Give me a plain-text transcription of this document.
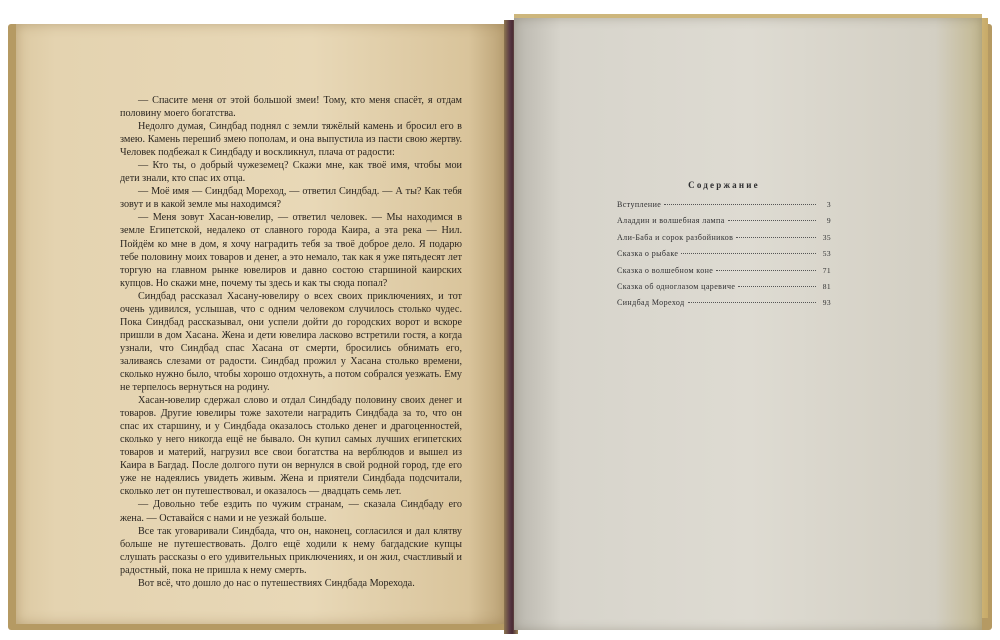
— Спасите меня от этой большой змеи! Тому, кто меня спасёт, я отдам половину моего богатства.

Недолго думая, Синдбад поднял с земли тяжёлый камень и бросил его в змею. Камень перешиб змею пополам, и она выпустила из пасти свою жертву. Человек подбежал к Синдбаду и воскликнул, плача от радости:

— Кто ты, о добрый чужеземец? Скажи мне, как твоё имя, чтобы мои дети знали, кто спас их отца.

— Моё имя — Синдбад Мореход, — ответил Синдбад. — А ты? Как тебя зовут и в какой земле мы находимся?

— Меня зовут Хасан-ювелир, — ответил человек. — Мы находимся в земле Египетской, недалеко от славного города Каира, а эта река — Нил. Пойдём ко мне в дом, я хочу наградить тебя за твоё доброе дело. Я подарю тебе половину моих товаров и денег, а это немало, так как я уже пятьдесят лет торгую на главном рынке ювелиров и давно состою старшиной каирских купцов. Но скажи мне, почему ты здесь и как ты сюда попал?

Синдбад рассказал Хасану-ювелиру о всех своих приключениях, и тот очень удивился, услышав, что с одним человеком случилось столько чудес. Пока Синдбад рассказывал, они успели дойти до городских ворот и вскоре пришли в дом Хасана. Жена и дети ювелира ласково встретили гостя, а когда узнали, что Синдбад спас Хасана от смерти, бросились обнимать его, заливаясь слезами от радости. Синдбад прожил у Хасана столько времени, сколько нужно было, чтобы хорошо отдохнуть, а потом собрался уезжать. Ему не терпелось вернуться на родину.

Хасан-ювелир сдержал слово и отдал Синдбаду половину своих денег и товаров. Другие ювелиры тоже захотели наградить Синдбада за то, что он спас их старшину, и у Синдбада оказалось столько денег и драгоценностей, сколько у него никогда ещё не бывало. Он купил самых лучших египетских товаров и материй, нагрузил все свои богатства на верблюдов и вышел из Каира в Багдад. После долгого пути он вернулся в свой родной город, где его уже не надеялись увидеть живым. Жена и приятели Синдбада подсчитали, сколько лет он путешествовал, и оказалось — двадцать семь лет.

— Довольно тебе ездить по чужим странам, — сказала Синдбаду его жена. — Оставайся с нами и не уезжай больше.

Все так уговаривали Синдбада, что он, наконец, согласился и дал клятву больше не путешествовать. Долго ещё ходили к нему багдадские купцы слушать рассказы о его удивительных приключениях, и он жил, счастливый и радостный, пока не пришла к нему смерть.

Вот всё, что дошло до нас о путешествиях Синдбада Морехода.

Содержание
Вступление	3
Аладдин и волшебная лампа	9
Али-Баба и сорок разбойников	35
Сказка о рыбаке	53
Сказка о волшебном коне	71
Сказка об одноглазом царевиче	81
Синдбад Мореход	93
